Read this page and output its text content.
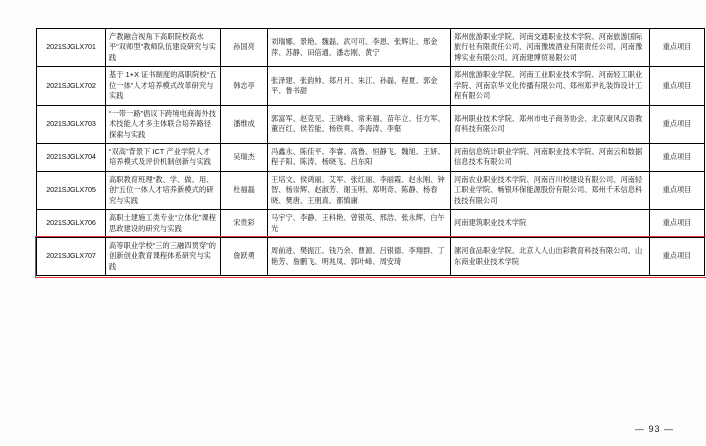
2021SJGLX701	产教融合视角下高职院校高水平“双师型”教师队伍建设研究与实践	孙国亮	刘瑞娜、景艳、魏磊、武可可、李恩、张辉让、邢金萍、苏静、田倍通、潘志刚、黄宁	郑州旅游职业学院、河南交通职业技术学院、河南旅游国际旅行社有限责任公司、河南豫坡酒业有限责任公司、河南豫博实业有限公司、河南建博贸易限公司	重点项目

2021SJGLX702	基于 1+X 证书制度的高职院校“五位一体”人才培养模式改革研究与实践	韩志亭	张泽建、张韵帅、郑月月、朱江、孙磊、程夏、郭金平、鲁书甜	郑州旅游职业学院、河南工业职业技术学院、河南轻工职业学院、河南京华文化传播有限公司、郑州郑尹礼装饰设计工程有限公司	重点项目

2021SJGLX703	“一带一路”倡议下跨境电商海外技术技能人才多主体联合培养路径探索与实践	潘维成	郭富军、赵克见、王晓峰、常来福、苗年立、任方军、董百红、侯若能、杨铁爽、李海涛、李壑	郑州职业技术学院、郑州市电子商务协会、北京豪风汉语教育科技有限公司	重点项目

2021SJGLX704	“双高”背景下 ICT 产业学院人才培养模式及评价机制创新与实践	吴瑞杰	冯鑫永、陈佳平、李睿、高鲁、恒静飞、魏旭、王妍、程子阳、陈涛、杨晓飞、吕东阳	河南信息统计职业学院、河南职业技术学院、河南云和数据信息技术有限公司	重点项目

2021SJGLX705	高职教育班理“教、学、做、用、创”五位一体人才培养新模式的研究与实践	杜福磊	王培文、侯鸿丽、艾军、张红丽、李丽霞、赵永刚、钟智、杨崇辉、赵淑芳、谢玉明、郑明奇、陈静、杨春晓、樊唐、王朋真、都慎庸	河南农业职业技术学院、河南百川校建设有限公司、河南轻工职业学院、畅银环保能源股份有限公司、郑州千禾信息科技技有限公司	重点项目

2021SJGLX706	高职土建施工类专业“立体化”课程思政建设的研究与实践	宋贵彩	马宇宁、李静、王科艳、曾银英、邢浩、张永辉、白午光	河南建筑职业技术学院	重点项目

2021SJGLX707	高等职业学校“三的三融四贯穿”的创新创业教育课程体系研究与实践	詹跃勇	周前进、樊振江、钱乃余、曹源、吕银德、李翔群、丁艳芳、詹鹏飞、明兆凤、郭叶峰、周安琦	漯河食品职业学院、北京人人山出彩教育科技有限公司、山东商业职业技术学院	重点项目
— 93 —
